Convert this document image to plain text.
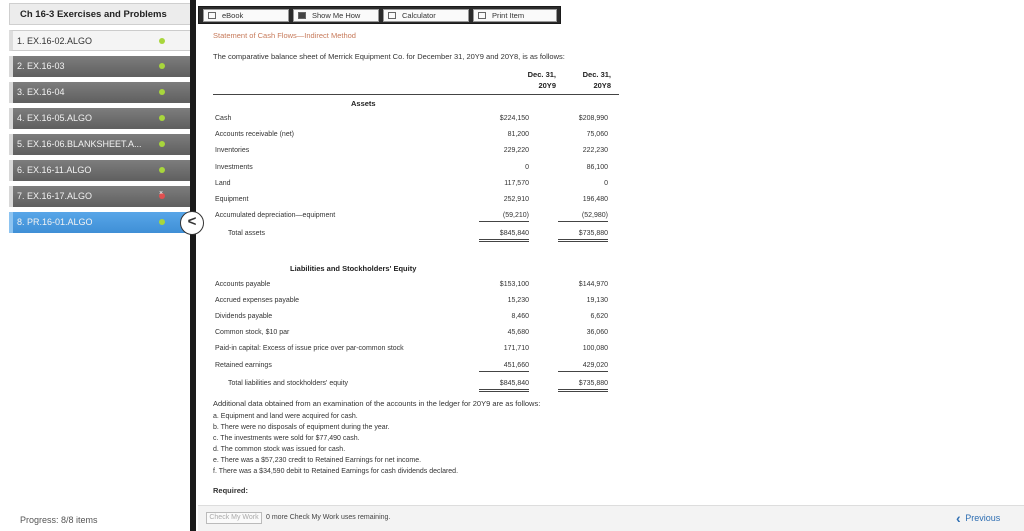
Ch 16-3 Exercises and Problems
1. EX.16-02.ALGO
2. EX.16-03
3. EX.16-04
4. EX.16-05.ALGO
5. EX.16-06.BLANKSHEET.A...
6. EX.16-11.ALGO
7. EX.16-17.ALGO
×
8. PR.16-01.ALGO
Progress: 8/8 items
<
eBook	Show Me How	Calculator	Print Item
Statement of Cash Flows—Indirect Method
The comparative balance sheet of Merrick Equipment Co. for December 31, 20Y9 and 20Y8, is as follows:
Dec. 31,
20Y9
Dec. 31,
20Y8
Assets
Cash	$224,150	$208,990
Accounts receivable (net)	81,200	75,060
Inventories	229,220	222,230
Investments	0	86,100
Land	117,570	0
Equipment	252,910	196,480
Accumulated depreciation—equipment	(59,210)	(52,980)
Total assets	$845,840	$735,880
Liabilities and Stockholders' Equity
Accounts payable	$153,100	$144,970
Accrued expenses payable	15,230	19,130
Dividends payable	8,460	6,620
Common stock, $10 par	45,680	36,060
Paid-in capital: Excess of issue price over par-common stock	171,710	100,080
Retained earnings	451,660	429,020
Total liabilities and stockholders' equity	$845,840	$735,880
Additional data obtained from an examination of the accounts in the ledger for 20Y9 are as follows:
a. Equipment and land were acquired for cash.
b. There were no disposals of equipment during the year.
c. The investments were sold for $77,490 cash.
d. The common stock was issued for cash.
e. There was a $57,230 credit to Retained Earnings for net income.
f. There was a $34,590 debit to Retained Earnings for cash dividends declared.
Required:
Check My Work	0 more Check My Work uses remaining.	‹ Previous
